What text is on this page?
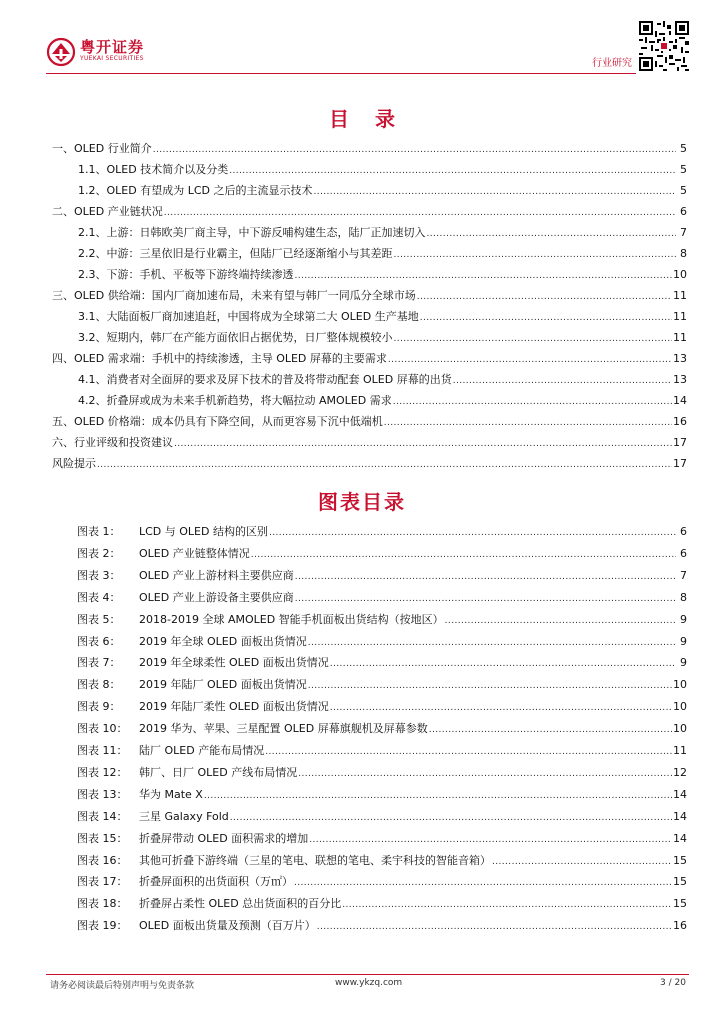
粤开证券
YUEKAI SECURITIES	行业研究
目录
一、OLED 行业简介 .....	5
1.1、OLED 技术简介以及分类 .....	5
1.2、OLED 有望成为 LCD 之后的主流显示技术 .....	5
二、OLED 产业链状况 .....	6
2.1、上游：日韩欧美厂商主导，中下游反哺构建生态，陆厂正加速切入 .....	7
2.2、中游：三星依旧是行业霸主，但陆厂已经逐渐缩小与其差距 .....	8
2.3、下游：手机、平板等下游终端持续渗透 .....	10
三、OLED 供给端：国内厂商加速布局，未来有望与韩厂一同瓜分全球市场 .....	11
3.1、大陆面板厂商加速追赶，中国将成为全球第二大 OLED 生产基地 .....	11
3.2、短期内，韩厂在产能方面依旧占据优势，日厂整体规模较小 .....	11
四、OLED 需求端：手机中的持续渗透，主导 OLED 屏幕的主要需求 .....	13
4.1、消费者对全面屏的要求及屏下技术的普及将带动配套 OLED 屏幕的出货 .....	13
4.2、折叠屏或成为未来手机新趋势，将大幅拉动 AMOLED 需求 .....	14
五、OLED 价格端：成本仍具有下降空间，从而更容易下沉中低端机 .....	16
六、行业评级和投资建议 .....	17
风险提示 .....	17
图表目录
图表 1：	LCD 与 OLED 结构的区别 .....	6
图表 2：	OLED 产业链整体情况 .....	6
图表 3：	OLED 产业上游材料主要供应商 .....	7
图表 4：	OLED 产业上游设备主要供应商 .....	8
图表 5：	2018-2019 全球 AMOLED 智能手机面板出货结构（按地区） .....	9
图表 6：	2019 年全球 OLED 面板出货情况 .....	9
图表 7：	2019 年全球柔性 OLED 面板出货情况 .....	9
图表 8：	2019 年陆厂 OLED 面板出货情况 .....	10
图表 9：	2019 年陆厂柔性 OLED 面板出货情况 .....	10
图表 10：	2019 华为、苹果、三星配置 OLED 屏幕旗舰机及屏幕参数 .....	10
图表 11：	陆厂 OLED 产能布局情况 .....	11
图表 12：	韩厂、日厂 OLED 产线布局情况 .....	12
图表 13：	华为 Mate X .....	14
图表 14：	三星 Galaxy Fold .....	14
图表 15：	折叠屏带动 OLED 面积需求的增加 .....	14
图表 16：	其他可折叠下游终端（三星的笔电、联想的笔电、柔宇科技的智能音箱） .....	15
图表 17：	折叠屏面积的出货面积（万㎡） .....	15
图表 18：	折叠屏占柔性 OLED 总出货面积的百分比 .....	15
图表 19：	OLED 面板出货量及预测（百万片） .....	16
请务必阅读最后特别声明与免责条款	www.ykzq.com	3 / 20
